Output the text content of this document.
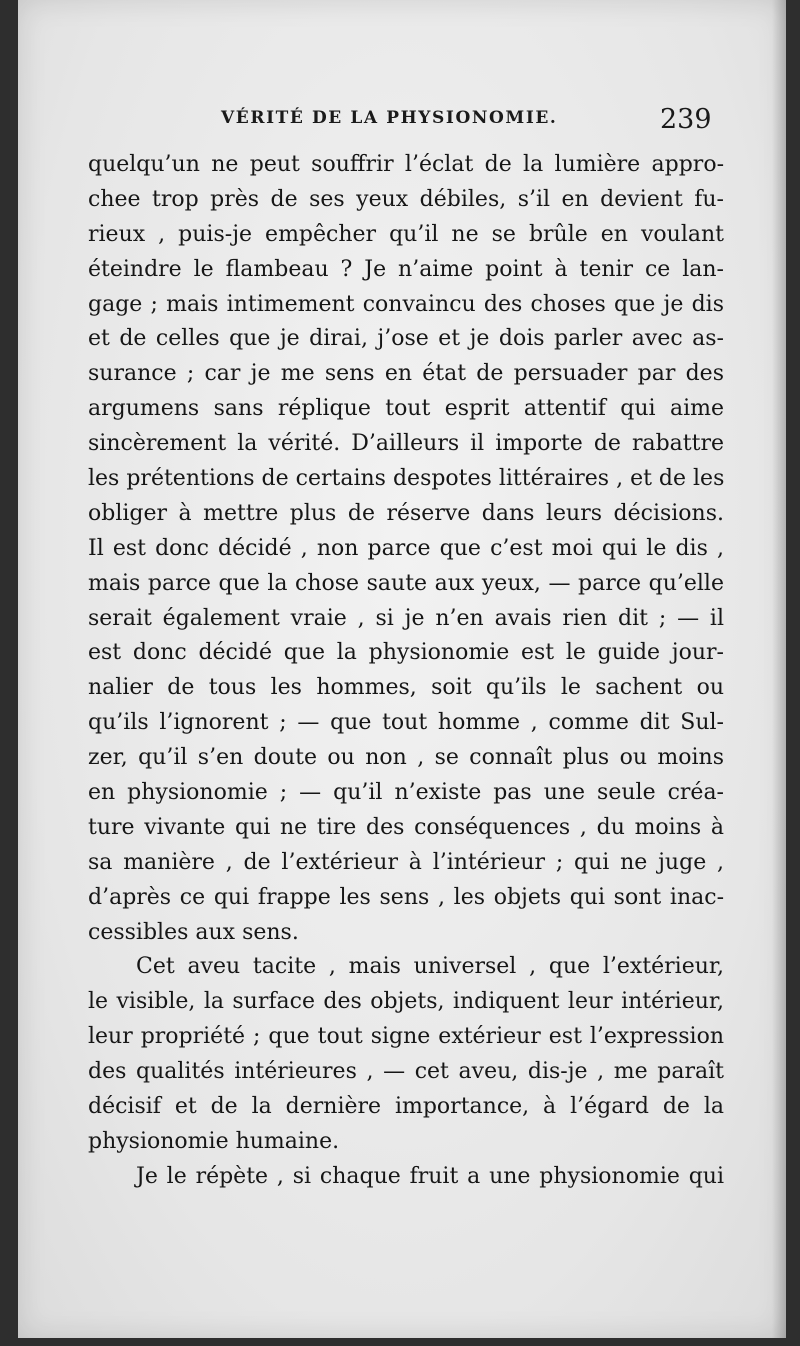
VÉRITÉ DE LA PHYSIONOMIE.	239
quelqu’un ne peut souffrir l’éclat de la lumière appro-
chee trop près de ses yeux débiles, s’il en devient fu-
rieux , puis-je empêcher qu’il ne se brûle en voulant
éteindre le flambeau ? Je n’aime point à tenir ce lan-
gage ; mais intimement convaincu des choses que je dis
et de celles que je dirai, j’ose et je dois parler avec as-
surance ; car je me sens en état de persuader par des
argumens sans réplique tout esprit attentif qui aime
sincèrement la vérité. D’ailleurs il importe de rabattre
les prétentions de certains despotes littéraires , et de les
obliger à mettre plus de réserve dans leurs décisions.
Il est donc décidé , non parce que c’est moi qui le dis ,
mais parce que la chose saute aux yeux, — parce qu’elle
serait également vraie , si je n’en avais rien dit ; — il
est donc décidé que la physionomie est le guide jour-
nalier de tous les hommes, soit qu’ils le sachent ou
qu’ils l’ignorent ; — que tout homme , comme dit Sul-
zer, qu’il s’en doute ou non , se connaît plus ou moins
en physionomie ; — qu’il n’existe pas une seule créa-
ture vivante qui ne tire des conséquences , du moins à
sa manière , de l’extérieur à l’intérieur ; qui ne juge ,
d’après ce qui frappe les sens , les objets qui sont inac-
cessibles aux sens.
Cet aveu tacite , mais universel , que l’extérieur,
le visible, la surface des objets, indiquent leur intérieur,
leur propriété ; que tout signe extérieur est l’expression
des qualités intérieures , — cet aveu, dis-je , me paraît
décisif et de la dernière importance, à l’égard de la
physionomie humaine.
Je le répète , si chaque fruit a une physionomie qui
